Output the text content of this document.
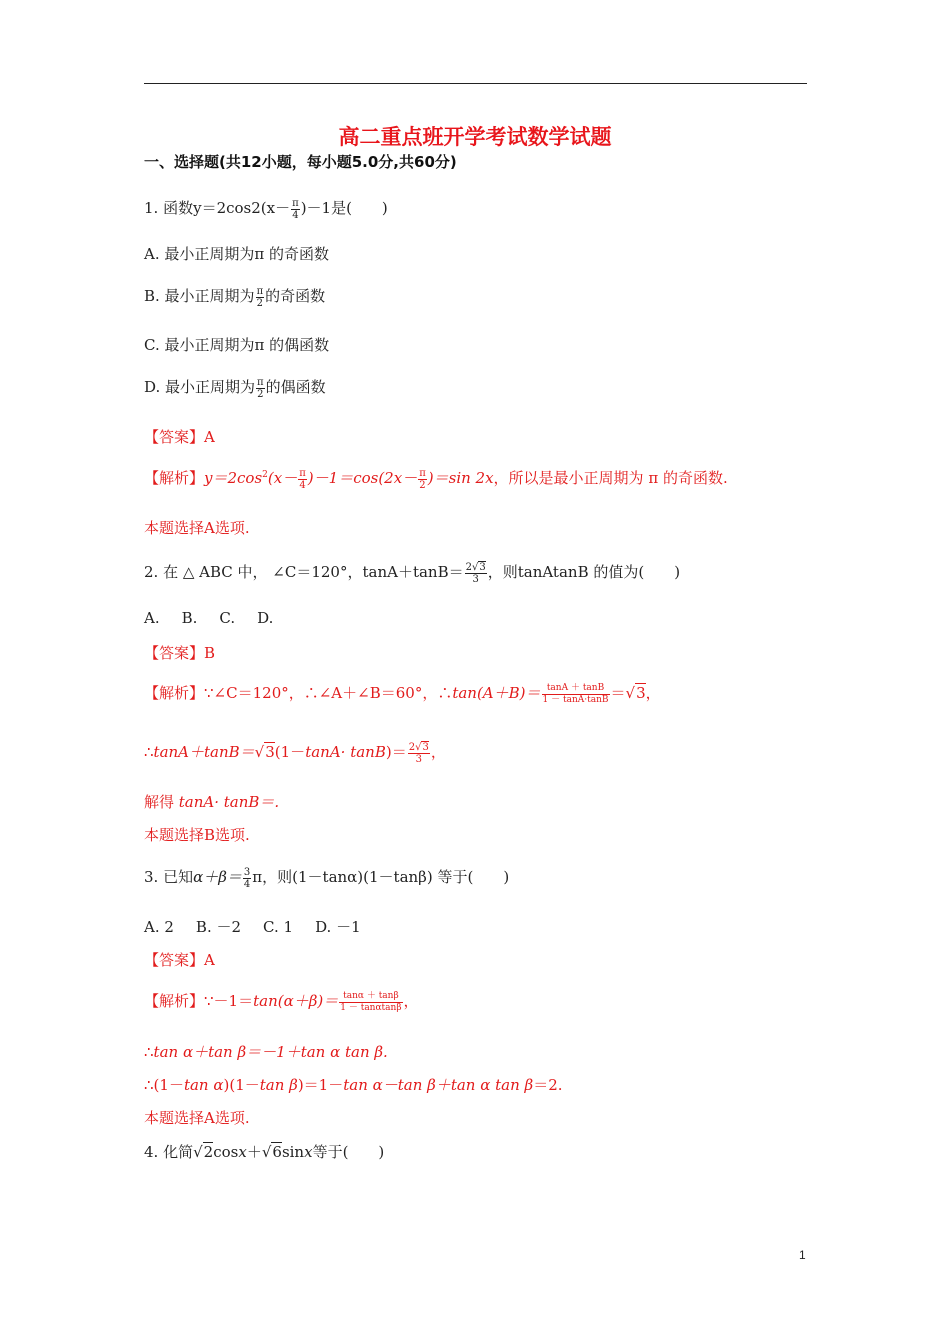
高二重点班开学考试数学试题
一、选择题(共12小题，每小题5.0分,共60分)
1. 函数$y=2\cos 2(x- \frac{\pi}{4} )-1$是(　　)
A. 最小正周期为π 的奇函数
B. 最小正周期为 $\frac{\pi}{2}$ 的奇函数
C. 最小正周期为π 的偶函数
D. 最小正周期为 $\frac{\pi}{2}$ 的偶函数
【答案】A
【解析】$y=2\cos^2(x- \frac{\pi}{4} )-1=\cos(2x- \frac{\pi}{2} )=\sin$ 2x，所以是最小正周期为 π 的奇函数.
本题选择A选项.
2. 在 △ ABC 中， ∠C＝120°，$\tan A+\tan B= \frac{2√3}{3}$ ，则tanAtanB 的值为(　　)
A. B. C. D.
【答案】B
【解析】∵∠C＝120°，∴∠A＋∠B＝60°，∴tan(A＋B)＝ $\frac{\tan A + \tan B}{1 - \tan A\cdot\tan B} =√3$，
∴tanA＋tanB＝√3(1－tanA· $\tan B)= \frac{2√3}{3}$ ，
解得 tanA· tanB＝.
本题选择B选项.
3. 已知$\alpha+\beta= \frac{3}{4}$ π，则(1－tanα)(1－tanβ) 等于(　　)
A. 2 B. －2 C. 1 D. －1
【答案】A
【解析】∵－1＝tan(α＋β)＝ $\frac{\tan\alpha + \tan\beta}{1 - \tan\alpha\tan\beta}$ ，
∴tan α＋tan β＝－1＋tan α tan β.
∴(1－tan α)(1－tan β)＝1－tan α－tan β＋tan α tan β＝2.
本题选择A选项.
4. 化简√2cosx＋√6sinx等于(　　)
1
